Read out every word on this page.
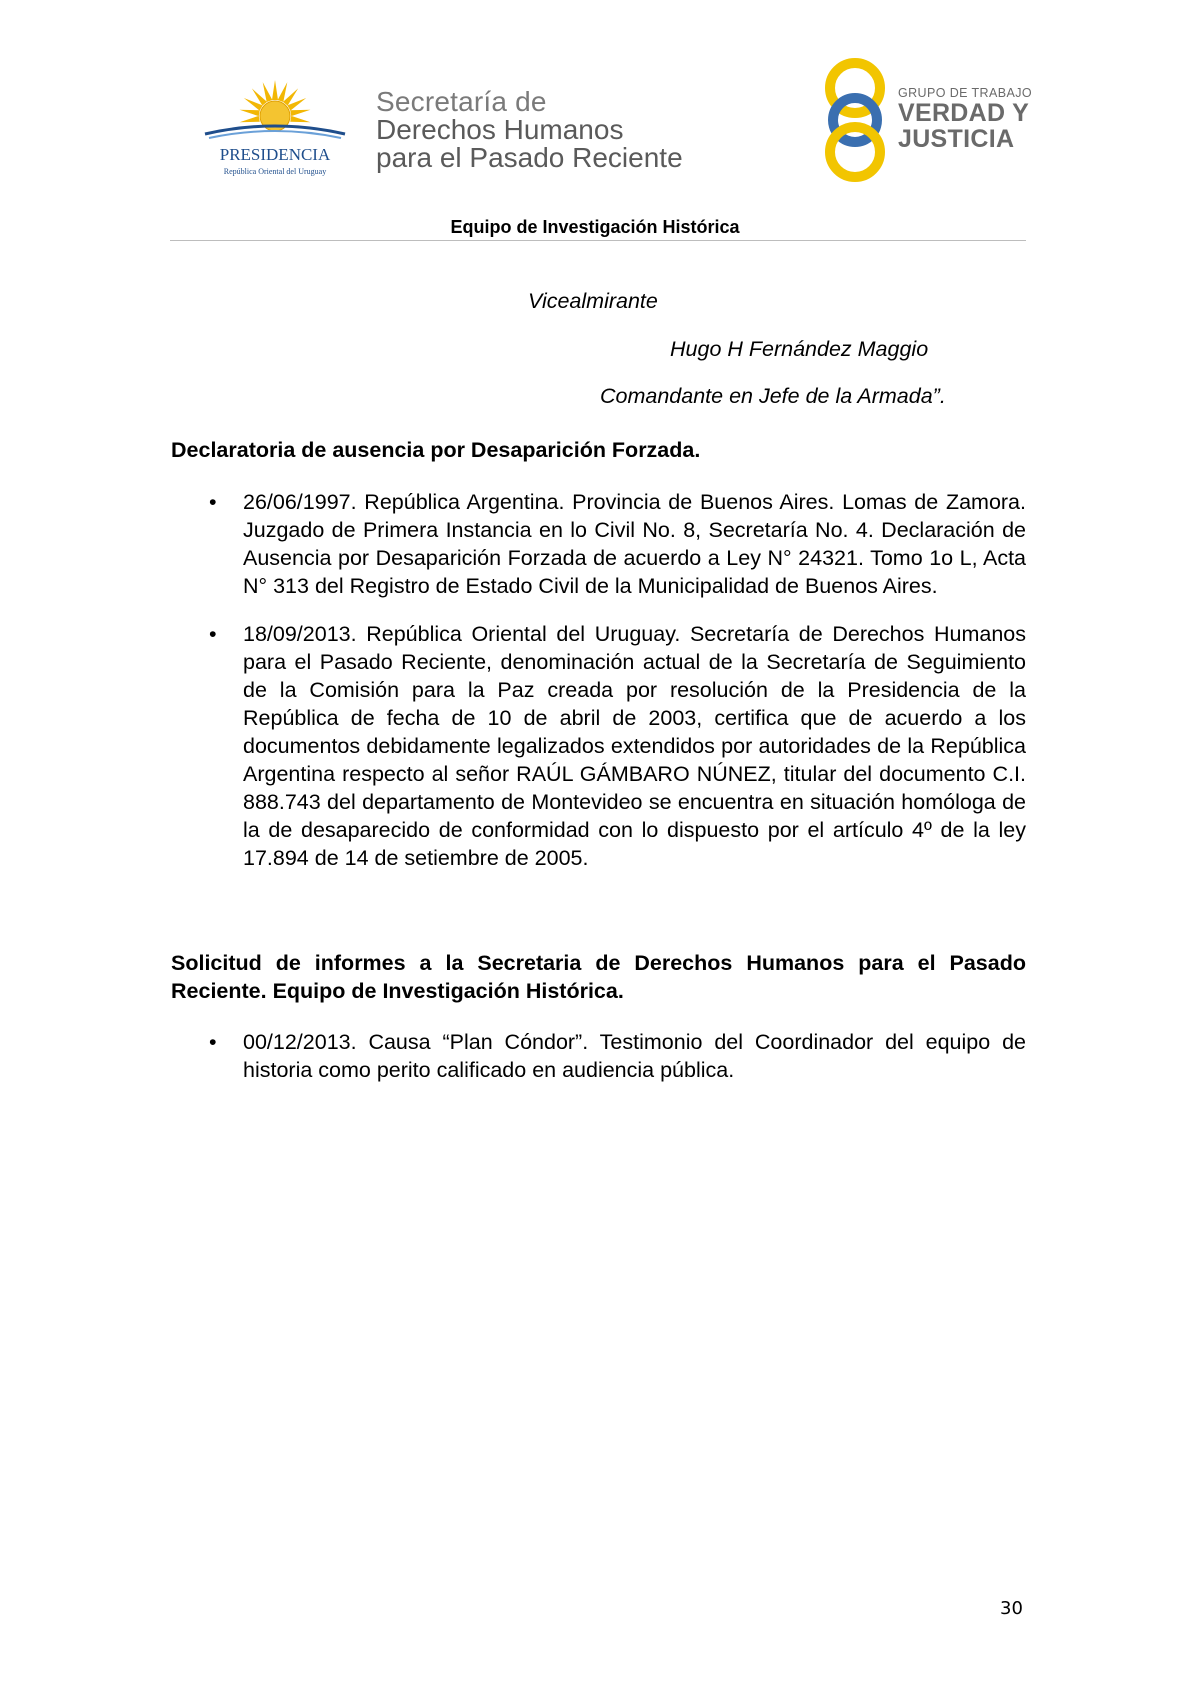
PRESIDENCIA
República Oriental del Uruguay
Secretaría de
Derechos Humanos
para el Pasado Reciente
GRUPO DE TRABAJO
VERDAD Y
JUSTICIA
Equipo de Investigación Histórica
Vicealmirante
Hugo H Fernández Maggio
Comandante en Jefe de la Armada”.
Declaratoria de ausencia por Desaparición Forzada.
• 26/06/1997. República Argentina. Provincia de Buenos Aires. Lomas de Zamora. Juzgado de Primera Instancia en lo Civil No. 8, Secretaría No. 4. Declaración de Ausencia por Desaparición Forzada de acuerdo a Ley N° 24321. Tomo 1o L, Acta N° 313 del Registro de Estado Civil de la Municipalidad de Buenos Aires.
• 18/09/2013. República Oriental del Uruguay. Secretaría de Derechos Humanos para el Pasado Reciente, denominación actual de la Secretaría de Seguimiento de la Comisión para la Paz creada por resolución de la Presidencia de la República de fecha de 10 de abril de 2003, certifica que de acuerdo a los documentos debidamente legalizados extendidos por autoridades de la República Argentina respecto al señor RAÚL GÁMBARO NÚNEZ, titular del documento C.I. 888.743 del departamento de Montevideo se encuentra en situación homóloga de la de desaparecido de conformidad con lo dispuesto por el artículo 4º de la ley 17.894 de 14 de setiembre de 2005.
Solicitud de informes a la Secretaria de Derechos Humanos para el Pasado Reciente. Equipo de Investigación Histórica.
• 00/12/2013. Causa “Plan Cóndor”. Testimonio del Coordinador del equipo de historia como perito calificado en audiencia pública.
30
